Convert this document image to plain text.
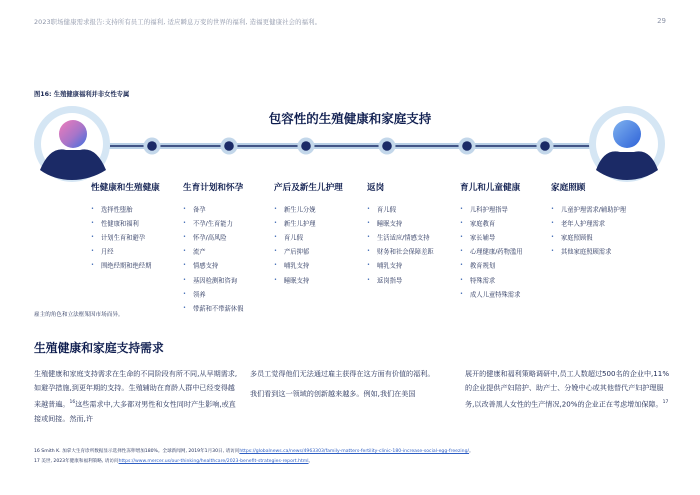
2023职场健康需求报告:支持所有员工的福利, 适应瞬息万变的世界的福利, 造福更健康社会的福利。	29
图16: 生殖健康福利并非女性专属
包容性的生殖健康和家庭支持
性健康和生殖健康
• 选择性堕胎
• 性健康和福利
• 计划生育和避孕
• 月经
• 围绝经期和绝经期
生育计划和怀孕
• 备孕
• 不孕/生育能力
• 怀孕/高风险
• 流产
• 情感支持
• 基因检测和咨询
• 领养
• 带薪和不带薪休假
产后及新生儿护理
• 新生儿分娩
• 新生儿护理
• 育儿假
• 产后抑郁
• 哺乳支持
• 睡眠支持
返岗
• 育儿假
• 睡眠支持
• 生活适应/情感支持
• 财务和社会保障差距
• 哺乳支持
• 返岗指导
育儿和儿童健康
• 儿科护理指导
• 家庭教育
• 家长辅导
• 心理健康/药物滥用
• 教育规划
• 特殊需求
• 成人儿童特殊需求
家庭照顾
• 儿童护理需求/辅助护理
• 老年人护理需求
• 家庭照顾假
• 其他家庭照顾需求
雇主的角色和立法框架因市场而异。
生殖健康和家庭支持需求

生殖健康和家庭支持需求在生命的不同阶段有所不同,从早期需求,如避孕措施,到更年期的支持。生殖辅助在育龄人群中已经变得越来越普遍。$^{16}$这些需求中,大多都对男性和女性同时产生影响,或直接或间接。然而,许

多员工觉得他们无法通过雇主获得在这方面有价值的福利。

我们看到这一领域的创新越来越多。例如,我们在美国

展开的健康和福利策略调研中,员工人数超过500名的企业中,11%的企业提供产妇陪护、助产士、分娩中心或其他替代产妇护理服务,以改善黑人女性的生产情况,20%的企业正在考虑增加保障。$^{17}$

16 Smith K. 加拿大生育诊所数据显示选择性冻卵增加180%。全球新闻网, 2019年1月30日, 请访问https://globalnews.ca/news/4963303/family-matters-fertility-clinic-180-increase-social-egg-freezing/。
17 美世, 2023年健康和福利策略, 请访问https://www.mercer.us/our-thinking/healthcare/2023-benefit-strategies-report.html。
